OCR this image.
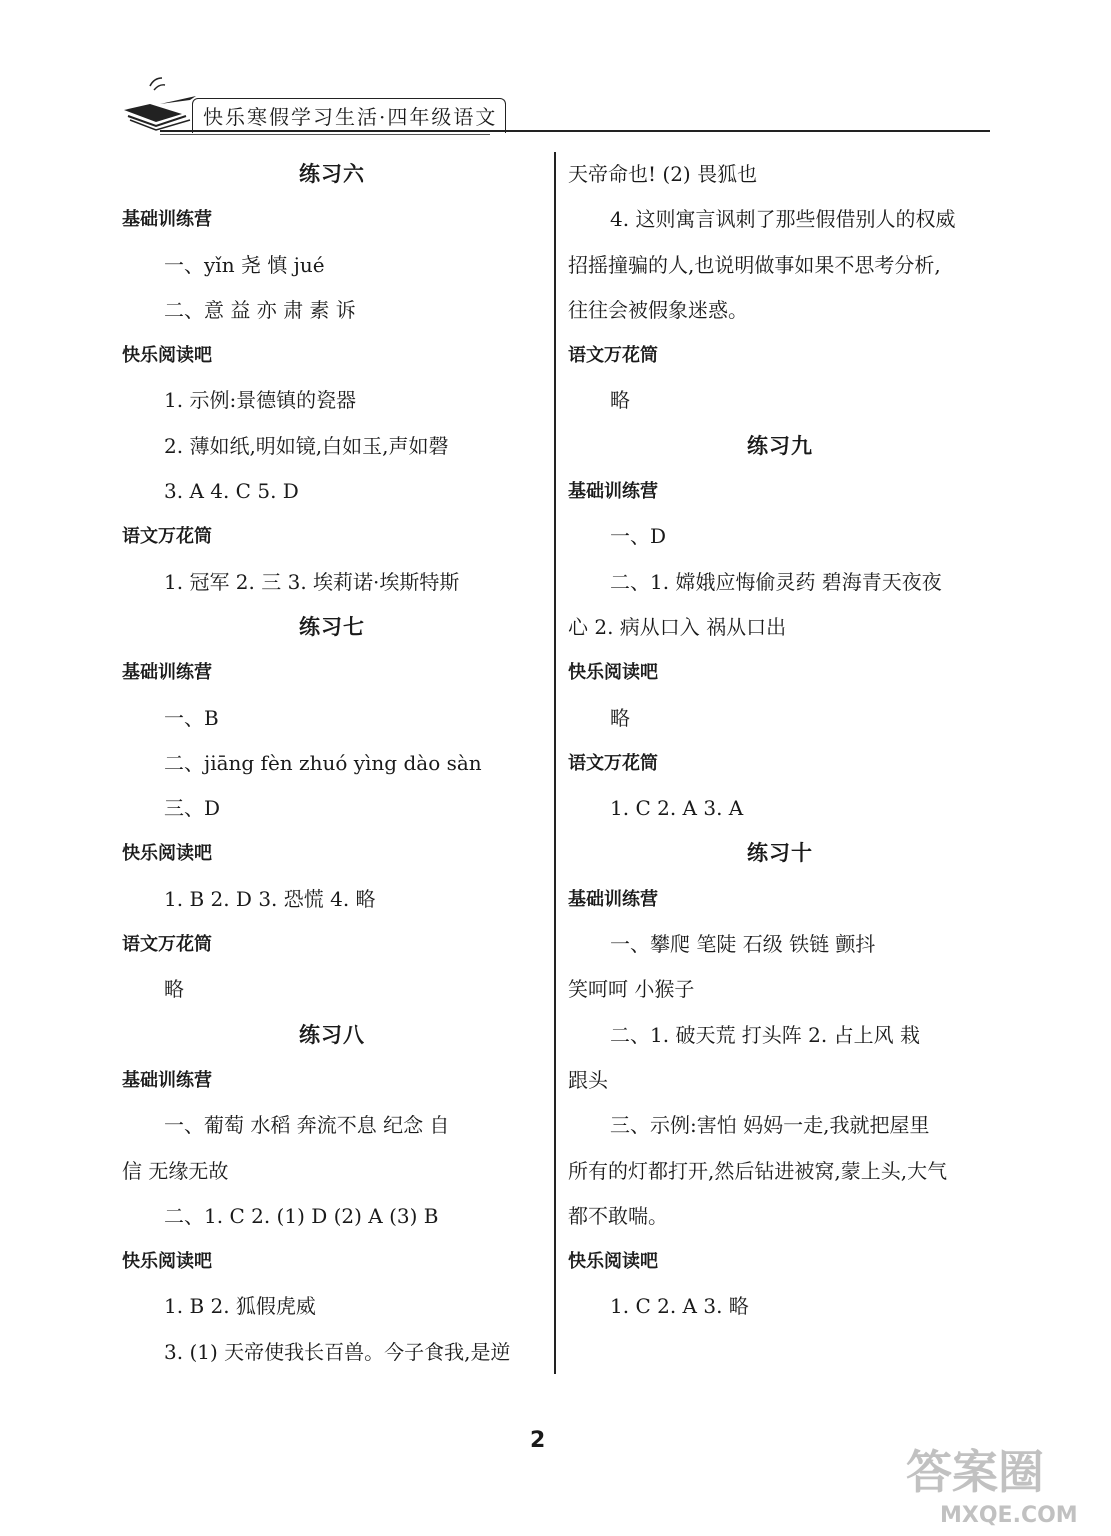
快乐寒假学习生活·四年级语文
练习六
基础训练营
一、yǐn 尧 慎 jué
二、意 益 亦 肃 素 诉
快乐阅读吧
1. 示例:景德镇的瓷器
2. 薄如纸,明如镜,白如玉,声如磬
3. A 4. C 5. D
语文万花筒
1. 冠军 2. 三 3. 埃莉诺·埃斯特斯
练习七
基础训练营
一、B
二、jiāng fèn zhuó yìng dào sàn
三、D
快乐阅读吧
1. B 2. D 3. 恐慌 4. 略
语文万花筒
略
练习八
基础训练营
一、葡萄 水稻 奔流不息 纪念 自
信 无缘无故
二、1. C 2. (1) D (2) A (3) B
快乐阅读吧
1. B 2. 狐假虎威
3. (1) 天帝使我长百兽。今子食我,是逆
天帝命也! (2) 畏狐也
4. 这则寓言讽刺了那些假借别人的权威
招摇撞骗的人,也说明做事如果不思考分析,
往往会被假象迷惑。
语文万花筒
略
练习九
基础训练营
一、D
二、1. 嫦娥应悔偷灵药 碧海青天夜夜
心 2. 病从口入 祸从口出
快乐阅读吧
略
语文万花筒
1. C 2. A 3. A
练习十
基础训练营
一、攀爬 笔陡 石级 铁链 颤抖
笑呵呵 小猴子
二、1. 破天荒 打头阵 2. 占上风 栽
跟头
三、示例:害怕 妈妈一走,我就把屋里
所有的灯都打开,然后钻进被窝,蒙上头,大气
都不敢喘。
快乐阅读吧
1. C 2. A 3. 略
2
答案圈
MXQE.COM
